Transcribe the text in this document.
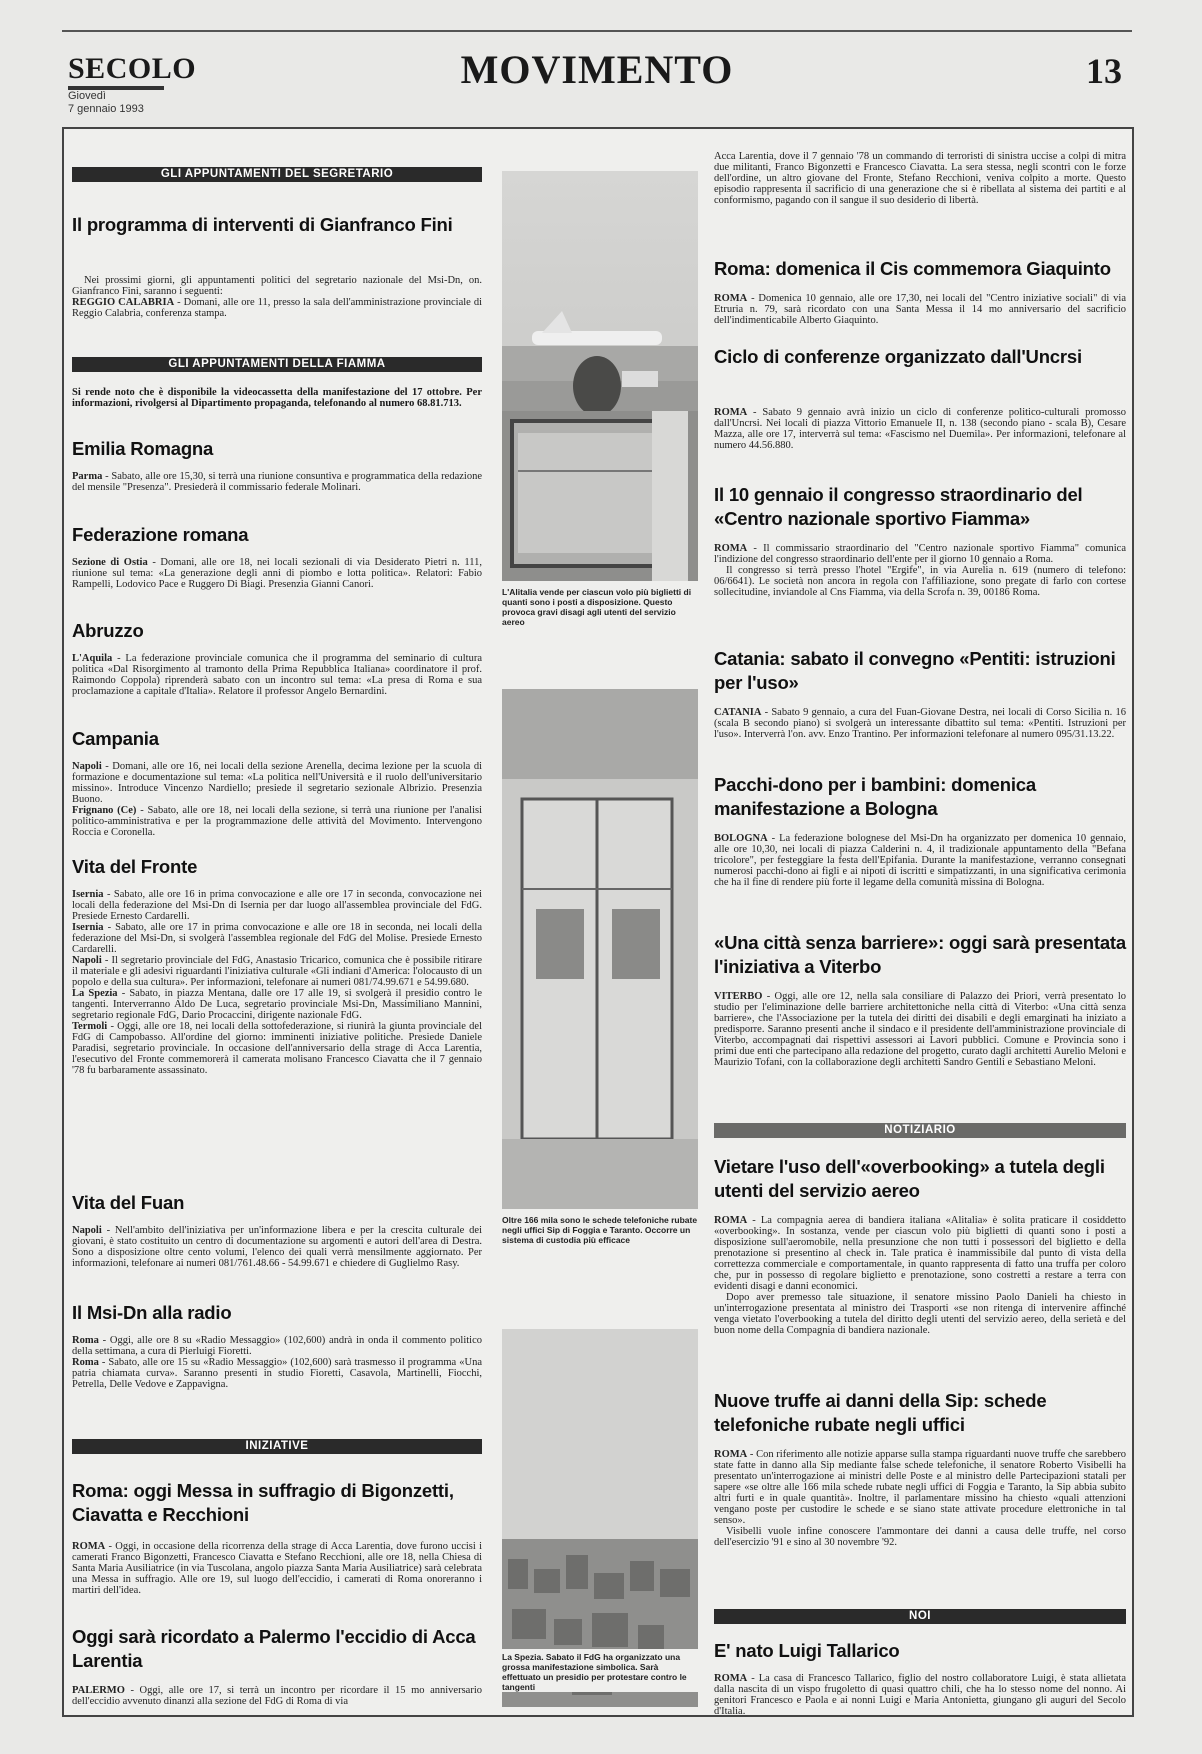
SECOLO
Giovedì
7 gennaio 1993
MOVIMENTO	13
GLI APPUNTAMENTI DEL SEGRETARIO
Il programma di interventi di Gianfranco Fini

Nei prossimi giorni, gli appuntamenti politici del segretario nazionale del Msi-Dn, on. Gianfranco Fini, saranno i seguenti:
REGGIO CALABRIA - Domani, alle ore 11, presso la sala dell'amministrazione provinciale di Reggio Calabria, conferenza stampa.

GLI APPUNTAMENTI DELLA FIAMMA

Si rende noto che è disponibile la videocassetta della manifestazione del 17 ottobre. Per informazioni, rivolgersi al Dipartimento propaganda, telefonando al numero 68.81.713.

Emilia Romagna

Parma - Sabato, alle ore 15,30, si terrà una riunione consuntiva e programmatica della redazione del mensile "Presenza". Presiederà il commissario federale Molinari.

Federazione romana

Sezione di Ostia - Domani, alle ore 18, nei locali sezionali di via Desiderato Pietri n. 111, riunione sul tema: «La generazione degli anni di piombo e lotta politica». Relatori: Fabio Rampelli, Lodovico Pace e Ruggero Di Biagi. Presenzia Gianni Canori.

Abruzzo

L'Aquila - La federazione provinciale comunica che il programma del seminario di cultura politica «Dal Risorgimento al tramonto della Prima Repubblica Italiana» coordinatore il prof. Raimondo Coppola) riprenderà sabato con un incontro sul tema: «La presa di Roma e sua proclamazione a capitale d'Italia». Relatore il professor Angelo Bernardini.

Campania

Napoli - Domani, alle ore 16, nei locali della sezione Arenella, decima lezione per la scuola di formazione e documentazione sul tema: «La politica nell'Università e il ruolo dell'universitario missino». Introduce Vincenzo Nardiello; presiede il segretario sezionale Albrizio. Presenzia Buono.
Frignano (Ce) - Sabato, alle ore 18, nei locali della sezione, si terrà una riunione per l'analisi politico-amministrativa e per la programmazione delle attività del Movimento. Intervengono Roccia e Coronella.

Vita del Fronte

Isernia - Sabato, alle ore 16 in prima convocazione e alle ore 17 in seconda, convocazione nei locali della federazione del Msi-Dn di Isernia per dar luogo all'assemblea provinciale del FdG. Presiede Ernesto Cardarelli.
Isernia - Sabato, alle ore 17 in prima convocazione e alle ore 18 in seconda, nei locali della federazione del Msi-Dn, si svolgerà l'assemblea regionale del FdG del Molise. Presiede Ernesto Cardarelli.
Napoli - Il segretario provinciale del FdG, Anastasio Tricarico, comunica che è possibile ritirare il materiale e gli adesivi riguardanti l'iniziativa culturale «Gli indiani d'America: l'olocausto di un popolo e della sua cultura». Per informazioni, telefonare ai numeri 081/74.99.671 e 54.99.680.
La Spezia - Sabato, in piazza Mentana, dalle ore 17 alle 19, si svolgerà il presidio contro le tangenti. Interverranno Aldo De Luca, segretario provinciale Msi-Dn, Massimiliano Mannini, segretario regionale FdG, Dario Procaccini, dirigente nazionale FdG.
Termoli - Oggi, alle ore 18, nei locali della sottofederazione, si riunirà la giunta provinciale del FdG di Campobasso. All'ordine del giorno: imminenti iniziative politiche. Presiede Daniele Paradisi, segretario provinciale. In occasione dell'anniversario della strage di Acca Larentia, l'esecutivo del Fronte commemorerà il camerata molisano Francesco Ciavatta che il 7 gennaio '78 fu barbaramente assassinato.

Vita del Fuan

Napoli - Nell'ambito dell'iniziativa per un'informazione libera e per la crescita culturale dei giovani, è stato costituito un centro di documentazione su argomenti e autori dell'area di Destra. Sono a disposizione oltre cento volumi, l'elenco dei quali verrà mensilmente aggiornato. Per informazioni, telefonare ai numeri 081/761.48.66 - 54.99.671 e chiedere di Guglielmo Rasy.

Il Msi-Dn alla radio

Roma - Oggi, alle ore 8 su «Radio Messaggio» (102,600) andrà in onda il commento politico della settimana, a cura di Pierluigi Fioretti.
Roma - Sabato, alle ore 15 su «Radio Messaggio» (102,600) sarà trasmesso il programma «Una patria chiamata curva». Saranno presenti in studio Fioretti, Casavola, Martinelli, Fiocchi, Petrella, Delle Vedove e Zappavigna.

INIZIATIVE
Roma: oggi Messa in suffragio di Bigonzetti, Ciavatta e Recchioni

ROMA - Oggi, in occasione della ricorrenza della strage di Acca Larentia, dove furono uccisi i camerati Franco Bigonzetti, Francesco Ciavatta e Stefano Recchioni, alle ore 18, nella Chiesa di Santa Maria Ausiliatrice (in via Tuscolana, angolo piazza Santa Maria Ausiliatrice) sarà celebrata una Messa in suffragio. Alle ore 19, sul luogo dell'eccidio, i camerati di Roma onoreranno i martiri dell'idea.

Oggi sarà ricordato a Palermo l'eccidio di Acca Larentia

PALERMO - Oggi, alle ore 17, si terrà un incontro per ricordare il 15 mo anniversario dell'eccidio avvenuto dinanzi alla sezione del FdG di Roma di via

L'Alitalia vende per ciascun volo più biglietti di quanti sono i posti a disposizione. Questo provoca gravi disagi agli utenti del servizio aereo
Oltre 166 mila sono le schede telefoniche rubate negli uffici Sip di Foggia e Taranto. Occorre un sistema di custodia più efficace
La Spezia. Sabato il FdG ha organizzato una grossa manifestazione simbolica. Sarà effettuato un presidio per protestare contro le tangenti

Acca Larentia, dove il 7 gennaio '78 un commando di terroristi di sinistra uccise a colpi di mitra due militanti, Franco Bigonzetti e Francesco Ciavatta. La sera stessa, negli scontri con le forze dell'ordine, un altro giovane del Fronte, Stefano Recchioni, veniva colpito a morte. Questo episodio rappresenta il sacrificio di una generazione che si è ribellata al sistema dei partiti e al conformismo, pagando con il sangue il suo desiderio di libertà.

Roma: domenica il Cis commemora Giaquinto

ROMA - Domenica 10 gennaio, alle ore 17,30, nei locali del "Centro iniziative sociali" di via Etruria n. 79, sarà ricordato con una Santa Messa il 14 mo anniversario del sacrificio dell'indimenticabile Alberto Giaquinto.

Ciclo di conferenze organizzato dall'Uncrsi

ROMA - Sabato 9 gennaio avrà inizio un ciclo di conferenze politico-culturali promosso dall'Uncrsi. Nei locali di piazza Vittorio Emanuele II, n. 138 (secondo piano - scala B), Cesare Mazza, alle ore 17, interverrà sul tema: «Fascismo nel Duemila». Per informazioni, telefonare al numero 44.56.880.

Il 10 gennaio il congresso straordinario del «Centro nazionale sportivo Fiamma»

ROMA - Il commissario straordinario del "Centro nazionale sportivo Fiamma" comunica l'indizione del congresso straordinario dell'ente per il giorno 10 gennaio a Roma.
Il congresso si terrà presso l'hotel "Ergife", in via Aurelia n. 619 (numero di telefono: 06/6641). Le società non ancora in regola con l'affiliazione, sono pregate di farlo con cortese sollecitudine, inviandole al Cns Fiamma, via della Scrofa n. 39, 00186 Roma.

Catania: sabato il convegno «Pentiti: istruzioni per l'uso»

CATANIA - Sabato 9 gennaio, a cura del Fuan-Giovane Destra, nei locali di Corso Sicilia n. 16 (scala B secondo piano) si svolgerà un interessante dibattito sul tema: «Pentiti. Istruzioni per l'uso». Interverrà l'on. avv. Enzo Trantino. Per informazioni telefonare al numero 095/31.13.22.

Pacchi-dono per i bambini: domenica manifestazione a Bologna

BOLOGNA - La federazione bolognese del Msi-Dn ha organizzato per domenica 10 gennaio, alle ore 10,30, nei locali di piazza Calderini n. 4, il tradizionale appuntamento della "Befana tricolore", per festeggiare la festa dell'Epifania. Durante la manifestazione, verranno consegnati numerosi pacchi-dono ai figli e ai nipoti di iscritti e simpatizzanti, in una significativa cerimonia che ha il fine di rendere più forte il legame della comunità missina di Bologna.

«Una città senza barriere»: oggi sarà presentata l'iniziativa a Viterbo

VITERBO - Oggi, alle ore 12, nella sala consiliare di Palazzo dei Priori, verrà presentato lo studio per l'eliminazione delle barriere architettoniche nella città di Viterbo: «Una città senza barriere», che l'Associazione per la tutela dei diritti dei disabili e degli emarginati ha iniziato a predisporre. Saranno presenti anche il sindaco e il presidente dell'amministrazione provinciale di Viterbo, accompagnati dai rispettivi assessori ai Lavori pubblici. Comune e Provincia sono i primi due enti che partecipano alla redazione del progetto, curato dagli architetti Aurelio Meloni e Maurizio Tofani, con la collaborazione degli architetti Sandro Gentili e Sebastiano Meloni.

NOTIZIARIO
Vietare l'uso dell'«overbooking» a tutela degli utenti del servizio aereo

ROMA - La compagnia aerea di bandiera italiana «Alitalia» è solita praticare il cosiddetto «overbooking». In sostanza, vende per ciascun volo più biglietti di quanti sono i posti a disposizione sull'aeromobile, nella presunzione che non tutti i possessori del biglietto e della prenotazione si presentino al check in. Tale pratica è inammissibile dal punto di vista della correttezza commerciale e comportamentale, in quanto rappresenta di fatto una truffa per coloro che, pur in possesso di regolare biglietto e prenotazione, sono costretti a restare a terra con evidenti disagi e danni economici.
Dopo aver premesso tale situazione, il senatore missino Paolo Danieli ha chiesto in un'interrogazione presentata al ministro dei Trasporti «se non ritenga di intervenire affinché venga vietato l'overbooking a tutela del diritto degli utenti del servizio aereo, della serietà e del buon nome della Compagnia di bandiera nazionale.

Nuove truffe ai danni della Sip: schede telefoniche rubate negli uffici

ROMA - Con riferimento alle notizie apparse sulla stampa riguardanti nuove truffe che sarebbero state fatte in danno alla Sip mediante false schede telefoniche, il senatore Roberto Visibelli ha presentato un'interrogazione ai ministri delle Poste e al ministro delle Partecipazioni statali per sapere «se oltre alle 166 mila schede rubate negli uffici di Foggia e Taranto, la Sip abbia subito altri furti e in quale quantità». Inoltre, il parlamentare missino ha chiesto «quali attenzioni vengano poste per custodire le schede e se siano state attivate procedure elettroniche in tal senso».
Visibelli vuole infine conoscere l'ammontare dei danni a causa delle truffe, nel corso dell'esercizio '91 e sino al 30 novembre '92.

NOI
E' nato Luigi Tallarico

ROMA - La casa di Francesco Tallarico, figlio del nostro collaboratore Luigi, è stata allietata dalla nascita di un vispo frugoletto di quasi quattro chili, che ha lo stesso nome del nonno. Ai genitori Francesco e Paola e ai nonni Luigi e Maria Antonietta, giungano gli auguri del Secolo d'Italia.
